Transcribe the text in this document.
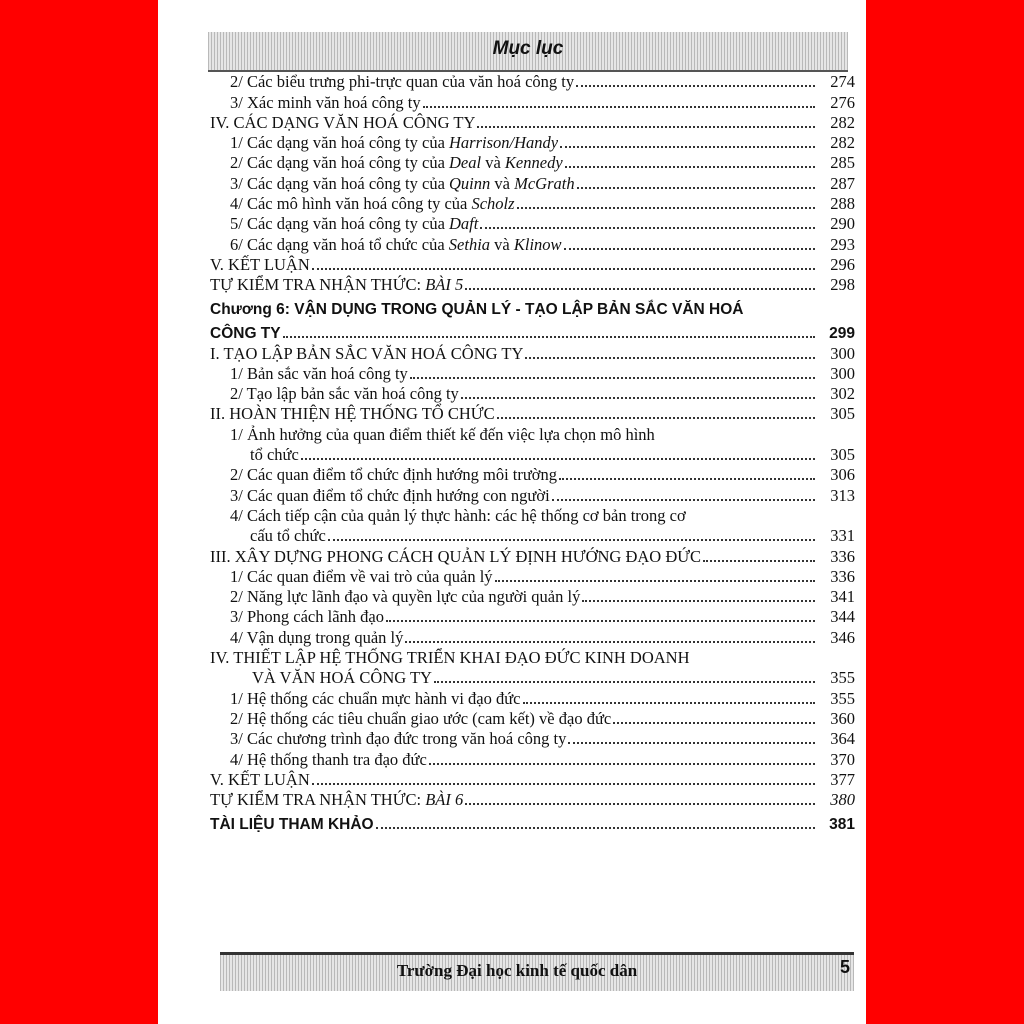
Mục lục
2/ Các biểu trưng phi-trực quan của văn hoá công ty	274
3/ Xác minh văn hoá công ty	276
IV. CÁC DẠNG VĂN HOÁ CÔNG TY	282
1/ Các dạng văn hoá công ty của Harrison/Handy	282
2/ Các dạng văn hoá công ty của Deal và Kennedy	285
3/ Các dạng văn hoá công ty của Quinn và McGrath	287
4/ Các mô hình văn hoá công ty của Scholz	288
5/ Các dạng văn hoá công ty của Daft	290
6/ Các dạng văn hoá tổ chức của Sethia và Klinow	293
V. KẾT LUẬN	296
TỰ KIỂM TRA NHẬN THỨC: BÀI 5	298
Chương 6: VẬN DỤNG TRONG QUẢN LÝ - TẠO LẬP BẢN SẮC VĂN HOÁ
CÔNG TY	299
I. TẠO LẬP BẢN SẮC VĂN HOÁ CÔNG TY	300
1/ Bản sắc văn hoá công ty	300
2/ Tạo lập bản sắc văn hoá công ty	302
II. HOÀN THIỆN HỆ THỐNG TỔ CHỨC	305
1/ Ảnh hưởng của quan điểm thiết kế đến việc lựa chọn mô hình
tổ chức	305
2/ Các quan điểm tổ chức định hướng môi trường	306
3/ Các quan điểm tổ chức định hướng con người	313
4/ Cách tiếp cận của quản lý thực hành: các hệ thống cơ bản trong cơ
cấu tổ chức	331
III. XÂY DỰNG PHONG CÁCH QUẢN LÝ ĐỊNH HƯỚNG ĐẠO ĐỨC	336
1/ Các quan điểm về vai trò của quản lý	336
2/ Năng lực lãnh đạo và quyền lực của người quản lý	341
3/ Phong cách lãnh đạo	344
4/ Vận dụng trong quản lý	346
IV. THIẾT LẬP HỆ THỐNG TRIỂN KHAI ĐẠO ĐỨC KINH DOANH
VÀ VĂN HOÁ CÔNG TY	355
1/ Hệ thống các chuẩn mực hành vi đạo đức	355
2/ Hệ thống các tiêu chuẩn giao ước (cam kết) về đạo đức	360
3/ Các chương trình đạo đức trong văn hoá công ty	364
4/ Hệ thống thanh tra đạo đức	370
V. KẾT LUẬN	377
TỰ KIỂM TRA NHẬN THỨC: BÀI 6	380
TÀI LIỆU THAM KHẢO	381
Trường Đại học kinh tế quốc dân	5
